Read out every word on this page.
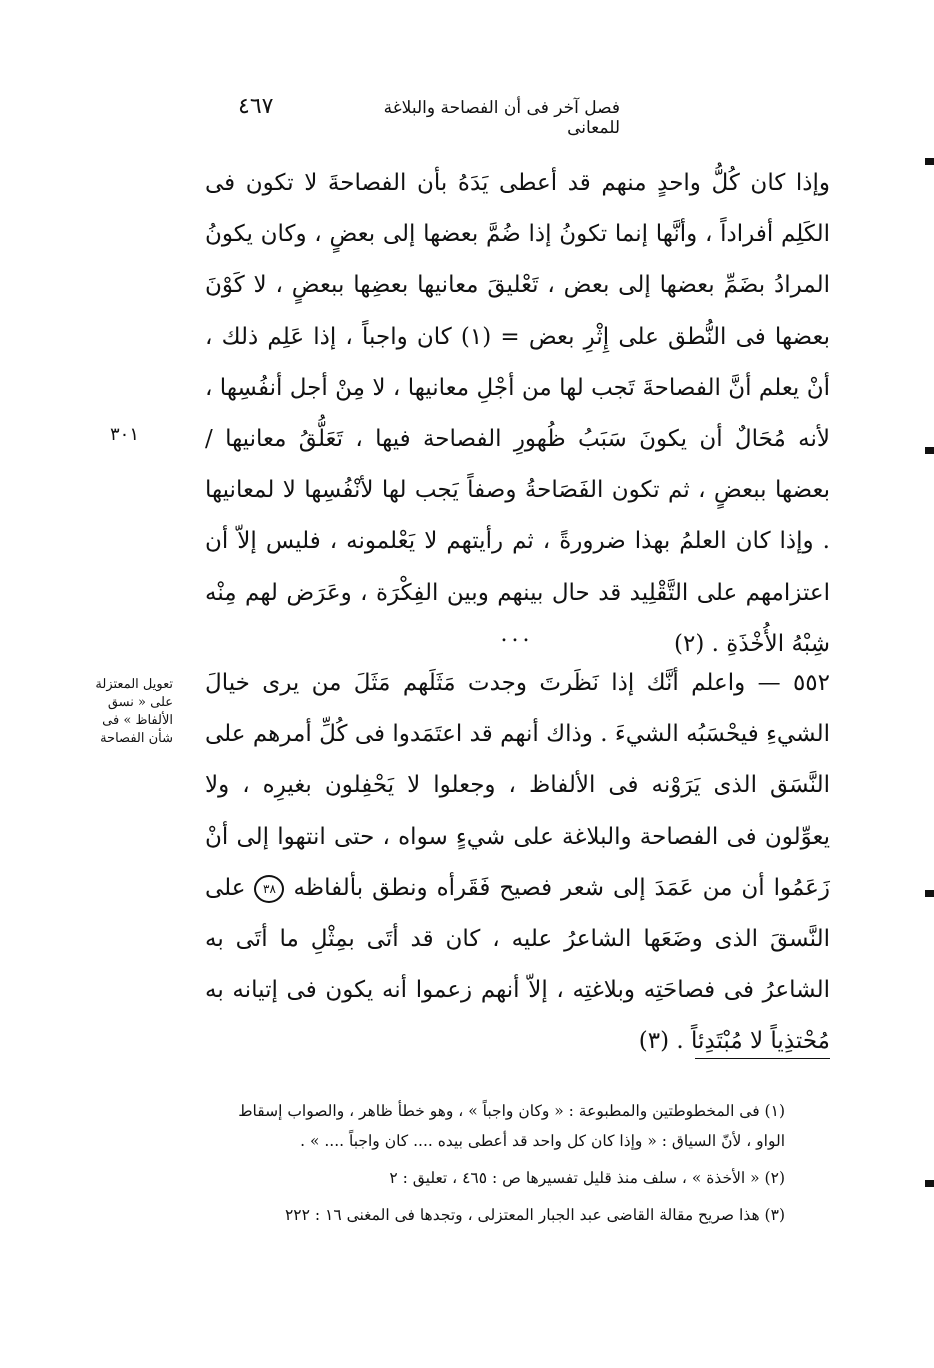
فصل آخر فى أن الفصاحة والبلاغة للمعانى
٤٦٧

وإذا كان كُلُّ واحدٍ منهم قد أعطى يَدَهُ بأن الفصاحةَ لا تكون فى الكَلِم أفراداً ، وأنَّها إنما تكونُ إذا ضُمَّ بعضها إلى بعضٍ ، وكان يكونُ المرادُ بضَمِّ بعضها إلى بعض ، تَعْليقَ معانيها بعضِها ببعضٍ ، لا كَوْنَ بعضها فى النُّطق على إِثْرِ بعض = (١) كان واجباً ، إذا عَلِم ذلك ، أنْ يعلم أنَّ الفصاحةَ تَجب لها من أجْلِ معانيها ، لا مِنْ أجل أنفُسِها ، لأنه مُحَالٌ أن يكونَ سَبَبُ ظُهورِ الفصاحة فيها ، تَعَلُّقُ معانيها / بعضها ببعضٍ ، ثم تكون الفَصَاحةُ وصفاً يَجب لها لأنْفُسِها لا لمعانيها . وإذا كان العلمُ بهذا ضرورةً ، ثم رأيتهم لا يَعْلمونه ، فليس إلاّ أن اعتزامهم على التَّقْلِيد قد حال بينهم وبين الفِكْرَة ، وعَرَض لهم مِنْه شِبْهُ الأُخْذَةِ . (٢)

...

٥٥٢ — واعلم أنَّك إذا نَظَرتَ وجدت مَثَلَهم مَثَلَ من يرى خيالَ الشيءِ فيحْسَبُه الشيءَ . وذاك أنهم قد اعتَمَدوا فى كُلِّ أمرهم على النَّسَق الذى يَرَوْنه فى الألفاظ ، وجعلوا لا يَحْفِلون بغيرِه ، ولا يعوِّلون فى الفصاحة والبلاغة على شيءٍ سواه ، حتى انتهوا إلى أنْ زَعَمُوا أن من عَمَدَ إلى شعر فصيح فَقَرأه ونطق بألفاظه ٣٨ على النَّسقَ الذى وضَعَها الشاعرُ عليه ، كان قد أتَى بمِثْلِ ما أتَى به الشاعرُ فى فصاحَتِه وبلاغتِه ، إلاّ أنهم زعموا أنه يكون فى إتيانه به مُحْتذِياً لا مُبْتَدِئاً . (٣)

٣٠١
تعويل المعتزلة على « نسق الألفاظ » فى شأن الفصاحة

(١) فى المخطوطتين والمطبوعة : « وكان واجباً » ، وهو خطأ ظاهر ، والصواب إسقاط الواو ، لأنّ السياق : « وإذا كان كل واحد قد أعطى بيده .... كان واجباً .... » .

(٢) « الأخذة » ، سلف منذ قليل تفسيرها ص : ٤٦٥ ، تعليق : ٢

(٣) هذا صريح مقالة القاضى عبد الجبار المعتزلى ، وتجدها فى المغنى ١٦ : ٢٢٢
